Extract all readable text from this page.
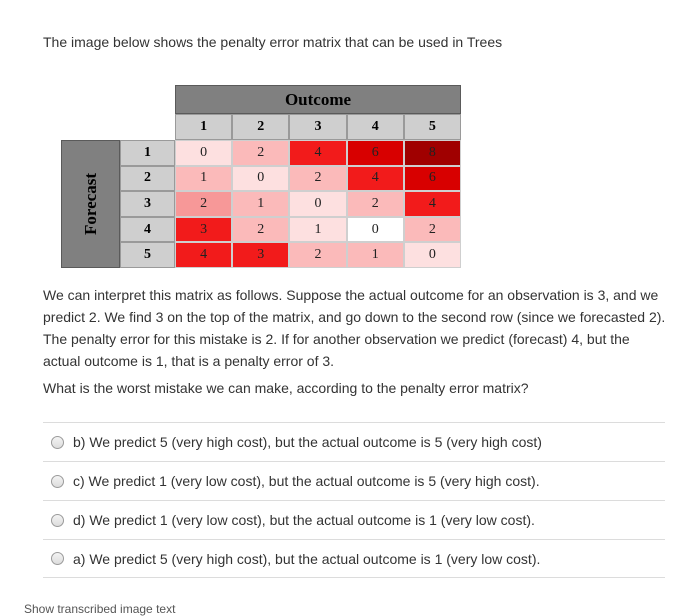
The image below shows the penalty error matrix that can be used in Trees
Outcome
Forecast
1	2	3	4	5
1	0	2	4	6	8
2	1	0	2	4	6
3	2	1	0	2	4
4	3	2	1	0	2
5	4	3	2	1	0
We can interpret this matrix as follows. Suppose the actual outcome for an observation is 3, and we predict 2. We find 3 on the top of the matrix, and go down to the second row (since we forecasted 2). The penalty error for this mistake is 2. If for another observation we predict (forecast) 4, but the actual outcome is 1, that is a penalty error of 3.
What is the worst mistake we can make, according to the penalty error matrix?
b) We predict 5 (very high cost), but the actual outcome is 5 (very high cost)
c) We predict 1 (very low cost), but the actual outcome is 5 (very high cost).
d) We predict 1 (very low cost), but the actual outcome is 1 (very low cost).
a) We predict 5 (very high cost), but the actual outcome is 1 (very low cost).
Show transcribed image text
